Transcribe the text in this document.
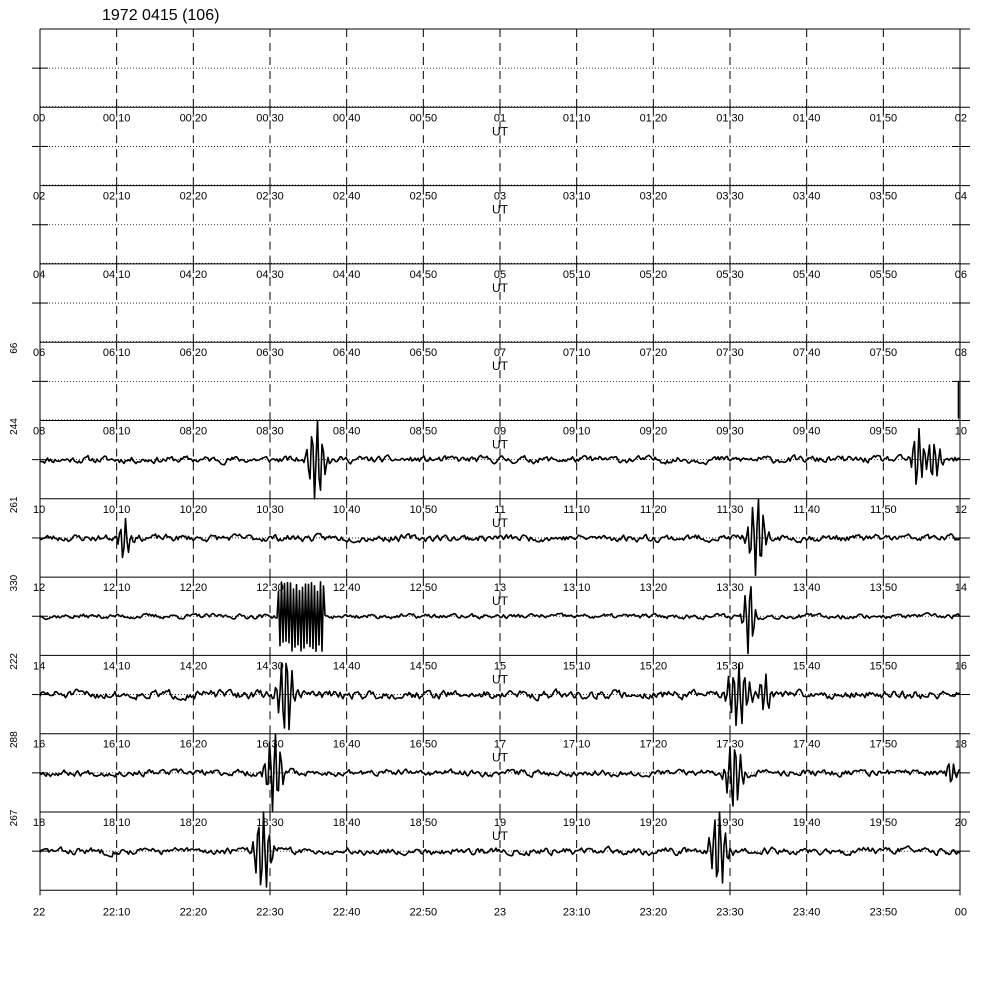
1972 0415 (106)
66
244
261
330
222
288
267
00	00:10	00:20	00:30	00:40	00:50	01	01:10	01:20	01:30	01:40	01:50	02
UT
02	02:10	02:20	02:30	02:40	02:50	03	03:10	03:20	03:30	03:40	03:50	04
UT
04	04:10	04:20	04:30	04:40	04:50	05	05:10	05:20	05:30	05:40	05:50	06
UT
06	06:10	06:20	06:30	06:40	06:50	07	07:10	07:20	07:30	07:40	07:50	08
UT
08	08:10	08:20	08:30	08:40	08:50	09	09:10	09:20	09:30	09:40	09:50	10
UT
10	10:10	10:20	10:30	10:40	10:50	11	11:10	11:20	11:30	11:40	11:50	12
UT
12	12:10	12:20	12:30	12:40	12:50	13	13:10	13:20	13:30	13:40	13:50	14
UT
14	14:10	14:20	14:30	14:40	14:50	15	15:10	15:20	15:30	15:40	15:50	16
UT
16	16:10	16:20	16:30	16:40	16:50	17	17:10	17:20	17:30	17:40	17:50	18
UT
18	18:10	18:20	18:30	18:40	18:50	19	19:10	19:20	19:30	19:40	19:50	20
UT
22	22:10	22:20	22:30	22:40	22:50	23	23:10	23:20	23:30	23:40	23:50	00
